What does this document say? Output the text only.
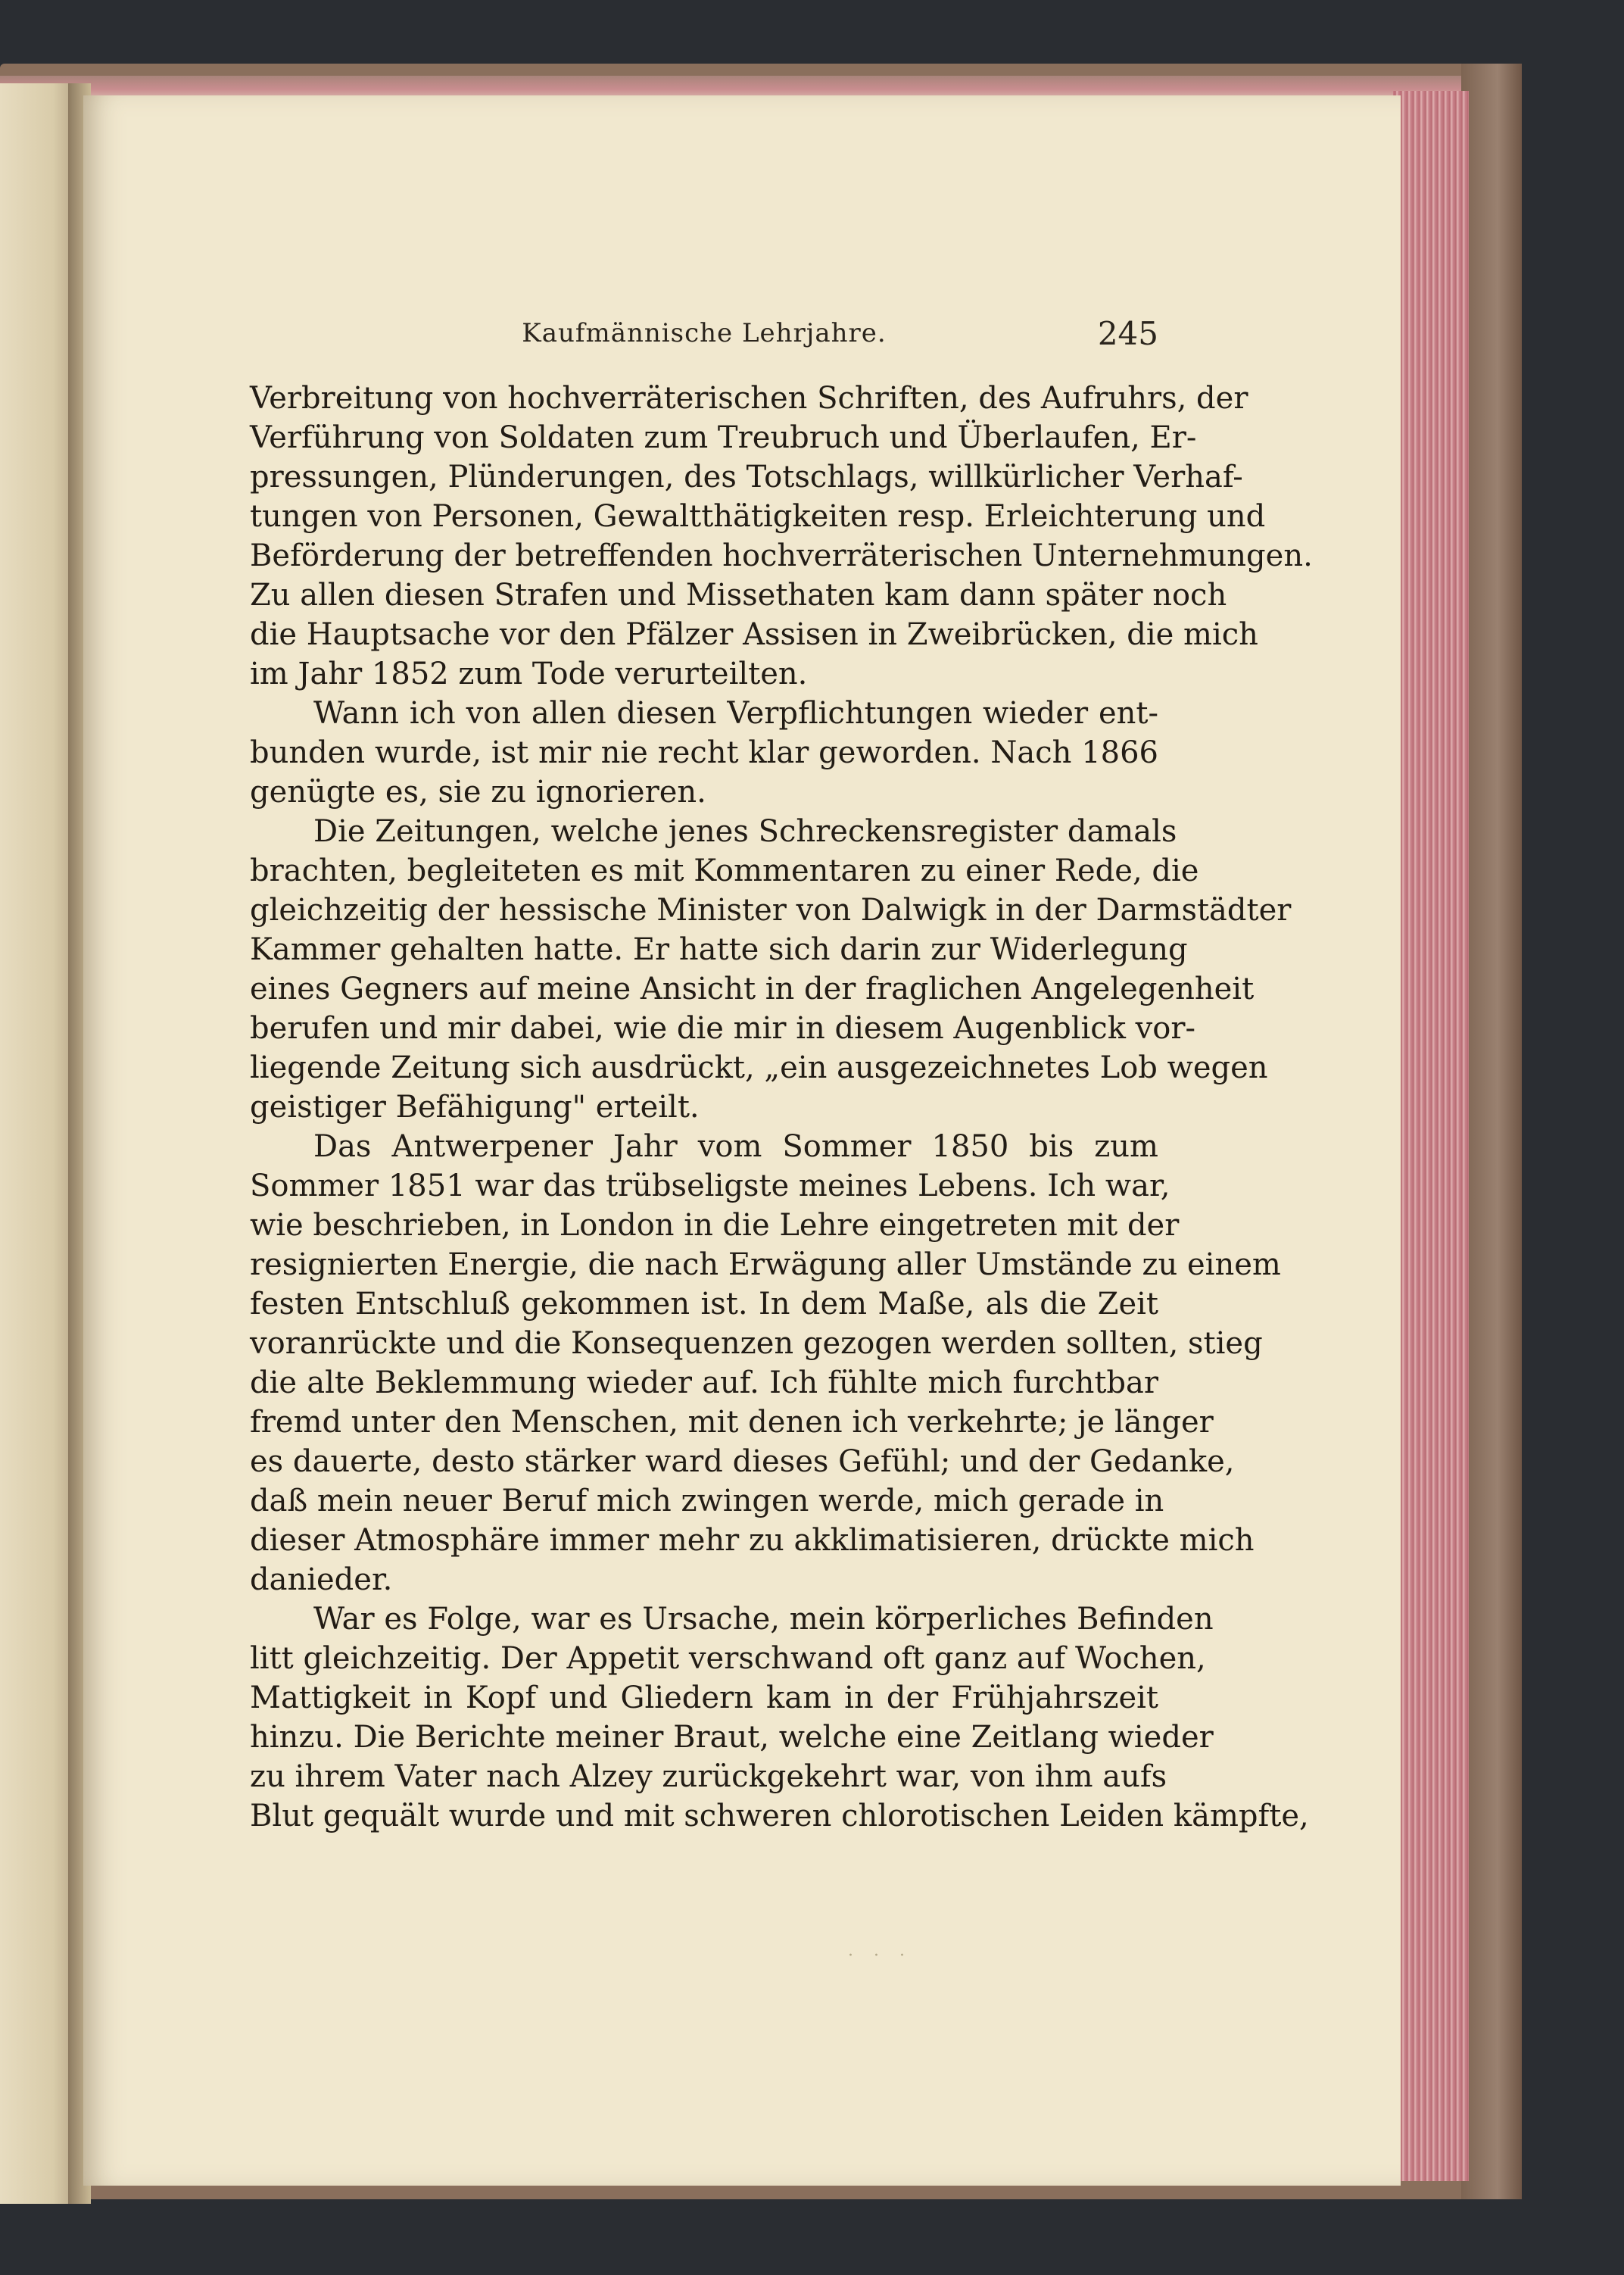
Kaufmännische Lehrjahre.	245
Verbreitung von hochverräterischen Schriften, des Aufruhrs, der
Verführung von Soldaten zum Treubruch und Überlaufen, Er-
pressungen, Plünderungen, des Totschlags, willkürlicher Verhaf-
tungen von Personen, Gewaltthätigkeiten resp. Erleichterung und
Beförderung der betreffenden hochverräterischen Unternehmungen.
Zu allen diesen Strafen und Missethaten kam dann später noch
die Hauptsache vor den Pfälzer Assisen in Zweibrücken, die mich
im Jahr 1852 zum Tode verurteilten.
Wann ich von allen diesen Verpflichtungen wieder ent-
bunden wurde, ist mir nie recht klar geworden. Nach 1866
genügte es, sie zu ignorieren.
Die Zeitungen, welche jenes Schreckensregister damals
brachten, begleiteten es mit Kommentaren zu einer Rede, die
gleichzeitig der hessische Minister von Dalwigk in der Darmstädter
Kammer gehalten hatte. Er hatte sich darin zur Widerlegung
eines Gegners auf meine Ansicht in der fraglichen Angelegenheit
berufen und mir dabei, wie die mir in diesem Augenblick vor-
liegende Zeitung sich ausdrückt, „ein ausgezeichnetes Lob wegen
geistiger Befähigung" erteilt.
Das Antwerpener Jahr vom Sommer 1850 bis zum
Sommer 1851 war das trübseligste meines Lebens. Ich war,
wie beschrieben, in London in die Lehre eingetreten mit der
resignierten Energie, die nach Erwägung aller Umstände zu einem
festen Entschluß gekommen ist. In dem Maße, als die Zeit
voranrückte und die Konsequenzen gezogen werden sollten, stieg
die alte Beklemmung wieder auf. Ich fühlte mich furchtbar
fremd unter den Menschen, mit denen ich verkehrte; je länger
es dauerte, desto stärker ward dieses Gefühl; und der Gedanke,
daß mein neuer Beruf mich zwingen werde, mich gerade in
dieser Atmosphäre immer mehr zu akklimatisieren, drückte mich
danieder.
War es Folge, war es Ursache, mein körperliches Befinden
litt gleichzeitig. Der Appetit verschwand oft ganz auf Wochen,
Mattigkeit in Kopf und Gliedern kam in der Frühjahrszeit
hinzu. Die Berichte meiner Braut, welche eine Zeitlang wieder
zu ihrem Vater nach Alzey zurückgekehrt war, von ihm aufs
Blut gequält wurde und mit schweren chlorotischen Leiden kämpfte,
· · ·
